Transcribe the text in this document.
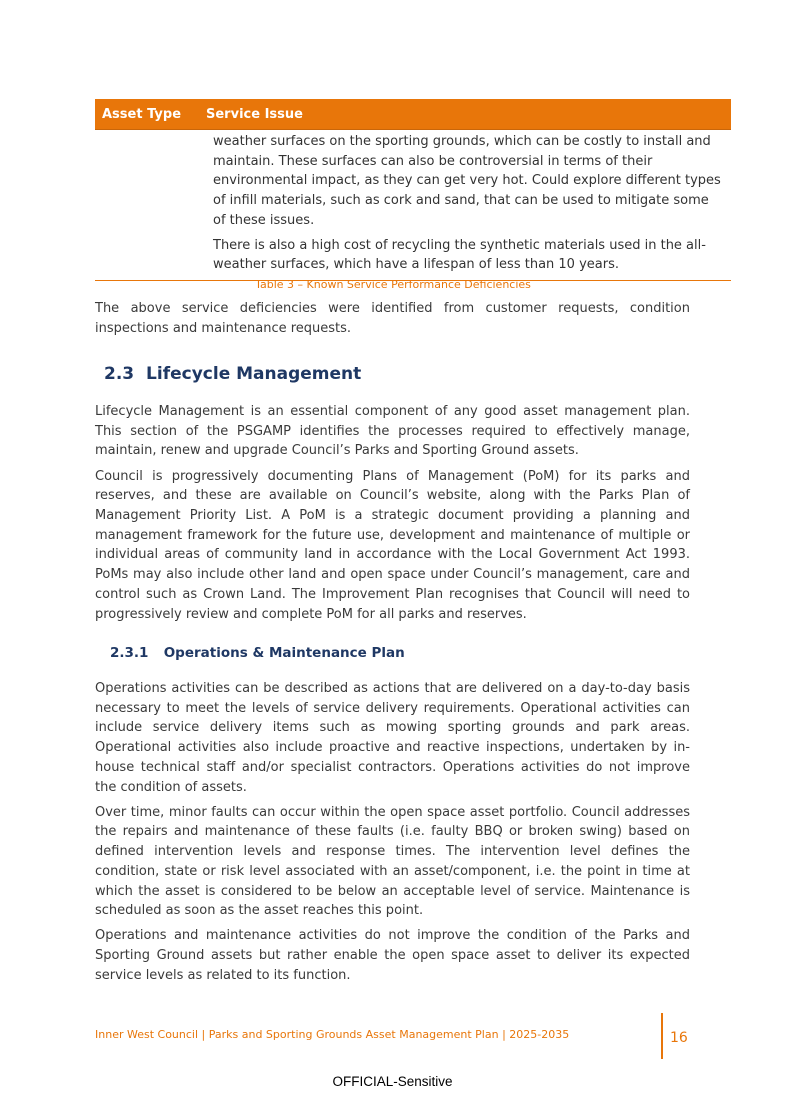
Asset Type	Service Issue

weather surfaces on the sporting grounds, which can be costly to install and maintain. These surfaces can also be controversial in terms of their environmental impact, as they can get very hot. Could explore different types of infill materials, such as cork and sand, that can be used to mitigate some of these issues.

There is also a high cost of recycling the synthetic materials used in the all-weather surfaces, which have a lifespan of less than 10 years.

Table 3 – Known Service Performance Deficiencies

The above service deficiencies were identified from customer requests, condition inspections and maintenance requests.

2.3 Lifecycle Management

Lifecycle Management is an essential component of any good asset management plan. This section of the PSGAMP identifies the processes required to effectively manage, maintain, renew and upgrade Council’s Parks and Sporting Ground assets.

Council is progressively documenting Plans of Management (PoM) for its parks and reserves, and these are available on Council’s website, along with the Parks Plan of Management Priority List. A PoM is a strategic document providing a planning and management framework for the future use, development and maintenance of multiple or individual areas of community land in accordance with the Local Government Act 1993. PoMs may also include other land and open space under Council’s management, care and control such as Crown Land. The Improvement Plan recognises that Council will need to progressively review and complete PoM for all parks and reserves.

2.3.1 Operations & Maintenance Plan

Operations activities can be described as actions that are delivered on a day-to-day basis necessary to meet the levels of service delivery requirements. Operational activities can include service delivery items such as mowing sporting grounds and park areas. Operational activities also include proactive and reactive inspections, undertaken by in-house technical staff and/or specialist contractors. Operations activities do not improve the condition of assets.

Over time, minor faults can occur within the open space asset portfolio. Council addresses the repairs and maintenance of these faults (i.e. faulty BBQ or broken swing) based on defined intervention levels and response times. The intervention level defines the condition, state or risk level associated with an asset/component, i.e. the point in time at which the asset is considered to be below an acceptable level of service. Maintenance is scheduled as soon as the asset reaches this point.

Operations and maintenance activities do not improve the condition of the Parks and Sporting Ground assets but rather enable the open space asset to deliver its expected service levels as related to its function.

Inner West Council | Parks and Sporting Grounds Asset Management Plan | 2025-2035	16
OFFICIAL-Sensitive
